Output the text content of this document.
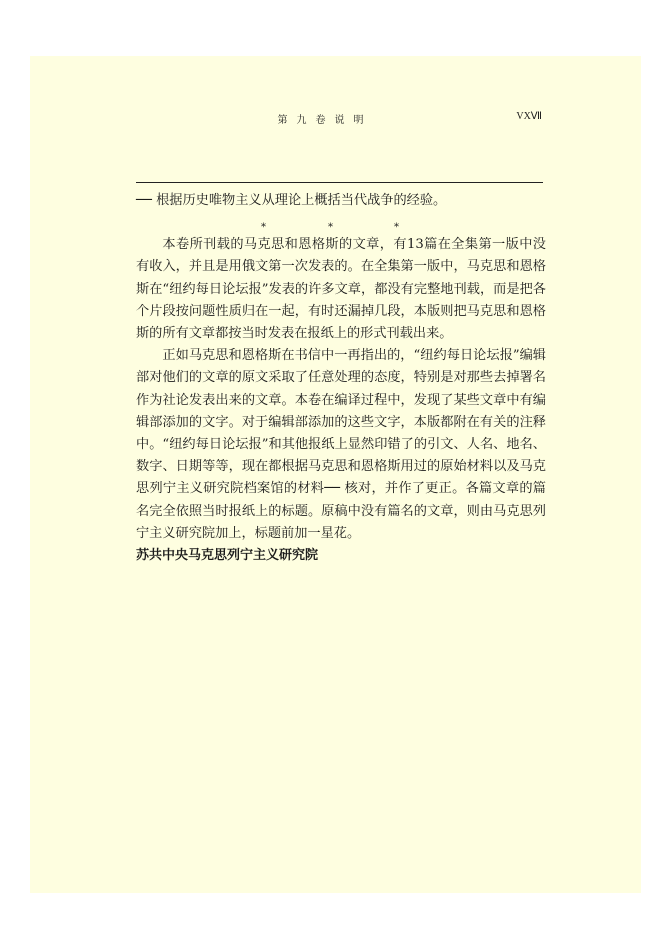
第九卷说明	VXⅦ

── 根据历史唯物主义从理论上概括当代战争的经验。

*	*	*

本卷所刊载的马克思和恩格斯的文章，有13篇在全集第一版中没有收入，并且是用俄文第一次发表的。在全集第一版中，马克思和恩格斯在“纽约每日论坛报”发表的许多文章，都没有完整地刊载，而是把各个片段按问题性质归在一起，有时还漏掉几段，本版则把马克思和恩格斯的所有文章都按当时发表在报纸上的形式刊载出来。

正如马克思和恩格斯在书信中一再指出的，“纽约每日论坛报”编辑部对他们的文章的原文采取了任意处理的态度，特别是对那些去掉署名作为社论发表出来的文章。本卷在编译过程中，发现了某些文章中有编辑部添加的文字。对于编辑部添加的这些文字，本版都附在有关的注释中。“纽约每日论坛报”和其他报纸上显然印错了的引文、人名、地名、数字、日期等等，现在都根据马克思和恩格斯用过的原始材料以及马克思列宁主义研究院档案馆的材料── 核对，并作了更正。各篇文章的篇名完全依照当时报纸上的标题。原稿中没有篇名的文章，则由马克思列宁主义研究院加上，标题前加一星花。

苏共中央马克思列宁主义研究院
